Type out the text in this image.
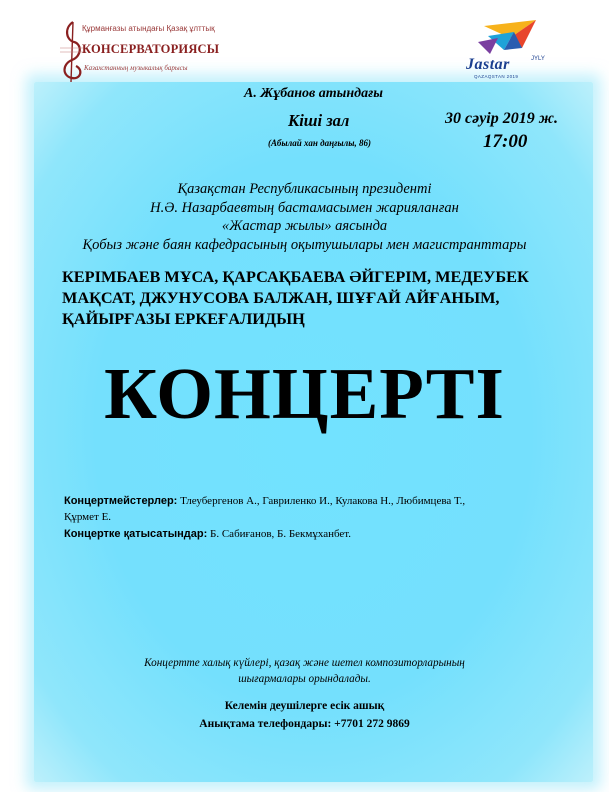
Құрманғазы атындағы Қазақ ұлттық
КОНСЕРВАТОРИЯСЫ
Казахстанның музыкалық барысы	Jastar	JYLY
QAZAQSTAN 2019
А. Жұбанов атындағы
Кіші зал	30 сәуір 2019 ж.
(Абылай хан даңғылы, 86)	17:00
Қазақстан Республикасының президенті
Н.Ә. Назарбаевтың бастамасымен жарияланған
«Жастар жылы» аясында
Қобыз және баян кафедрасының оқытушылары мен магистранттары
КЕРІМБАЕВ МҰСА, ҚАРСАҚБАЕВА ӘЙГЕРІМ, МЕДЕУБЕК
МАҚСАТ, ДЖУНУСОВА БАЛЖАН, ШҰҒАЙ АЙҒАНЫМ,
ҚАЙЫРҒАЗЫ ЕРКЕҒАЛИДЫҢ
КОНЦЕРТІ
Концертмейстерлер: Тлеубергенов А., Гавриленко И., Кулакова Н., Любимцева Т.,
Құрмет Е.
Концертке қатысатындар: Б. Сабиғанов, Б. Бекмұханбет.
Концертте халық күйлері, қазақ және шетел композиторларының
шығармалары орындалады.
Келемін деушілерге есік ашық
Анықтама телефондары: +7701 272 9869
